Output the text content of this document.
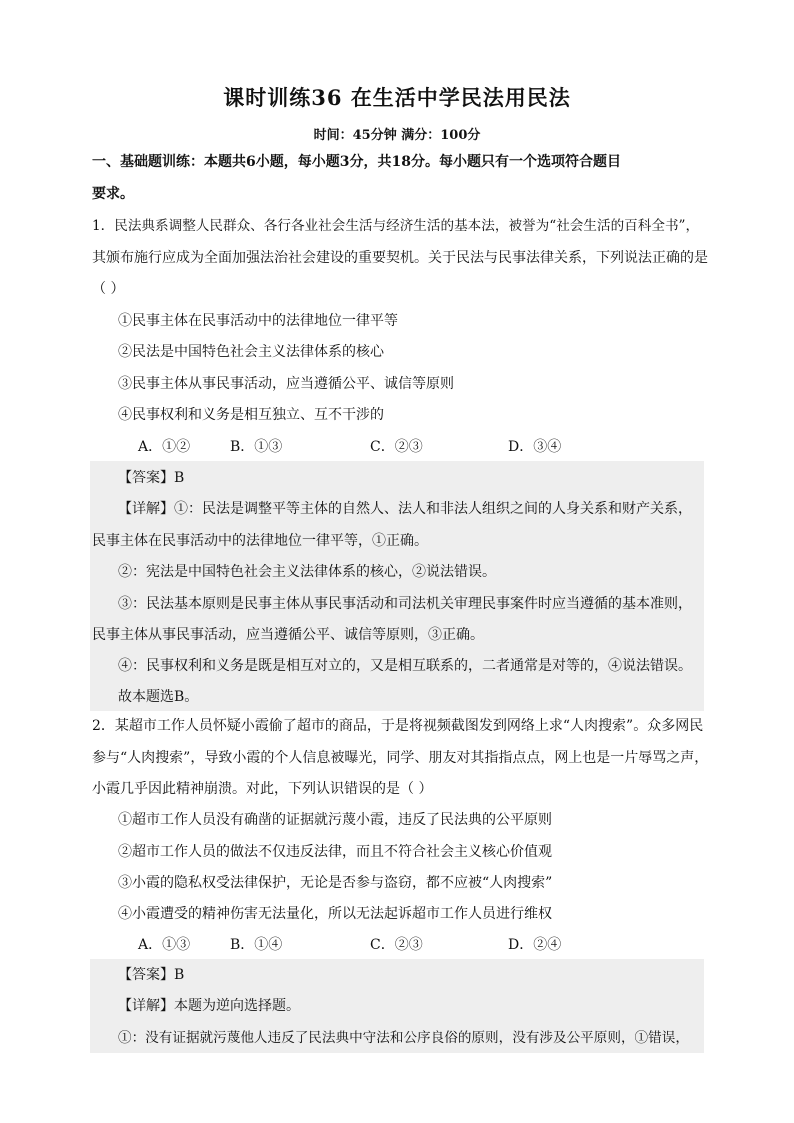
课时训练36 在生活中学民法用民法
时间：45分钟 满分：100分
一、基础题训练：本题共6小题，每小题3分，共18分。每小题只有一个选项符合题目
要求。
1．民法典系调整人民群众、各行各业社会生活与经济生活的基本法，被誉为“社会生活的百科全书”，
其颁布施行应成为全面加强法治社会建设的重要契机。关于民法与民事法律关系，下列说法正确的是
（ ）
①民事主体在民事活动中的法律地位一律平等
②民法是中国特色社会主义法律体系的核心
③民事主体从事民事活动，应当遵循公平、诚信等原则
④民事权利和义务是相互独立、互不干涉的
A．①②	B．①③	C．②③	D．③④
【答案】B
【详解】①：民法是调整平等主体的自然人、法人和非法人组织之间的人身关系和财产关系，
民事主体在民事活动中的法律地位一律平等，①正确。
②：宪法是中国特色社会主义法律体系的核心，②说法错误。
③：民法基本原则是民事主体从事民事活动和司法机关审理民事案件时应当遵循的基本准则，
民事主体从事民事活动，应当遵循公平、诚信等原则，③正确。
④：民事权利和义务是既是相互对立的，又是相互联系的，二者通常是对等的，④说法错误。
故本题选B。
2．某超市工作人员怀疑小霞偷了超市的商品，于是将视频截图发到网络上求“人肉搜索”。众多网民
参与“人肉搜索”，导致小霞的个人信息被曝光，同学、朋友对其指指点点，网上也是一片辱骂之声，
小霞几乎因此精神崩溃。对此，下列认识错误的是（ ）
①超市工作人员没有确凿的证据就污蔑小霞，违反了民法典的公平原则
②超市工作人员的做法不仅违反法律，而且不符合社会主义核心价值观
③小霞的隐私权受法律保护，无论是否参与盗窃，都不应被“人肉搜索”
④小霞遭受的精神伤害无法量化，所以无法起诉超市工作人员进行维权
A．①③	B．①④	C．②③	D．②④
【答案】B
【详解】本题为逆向选择题。
①：没有证据就污蔑他人违反了民法典中守法和公序良俗的原则，没有涉及公平原则，①错误，
